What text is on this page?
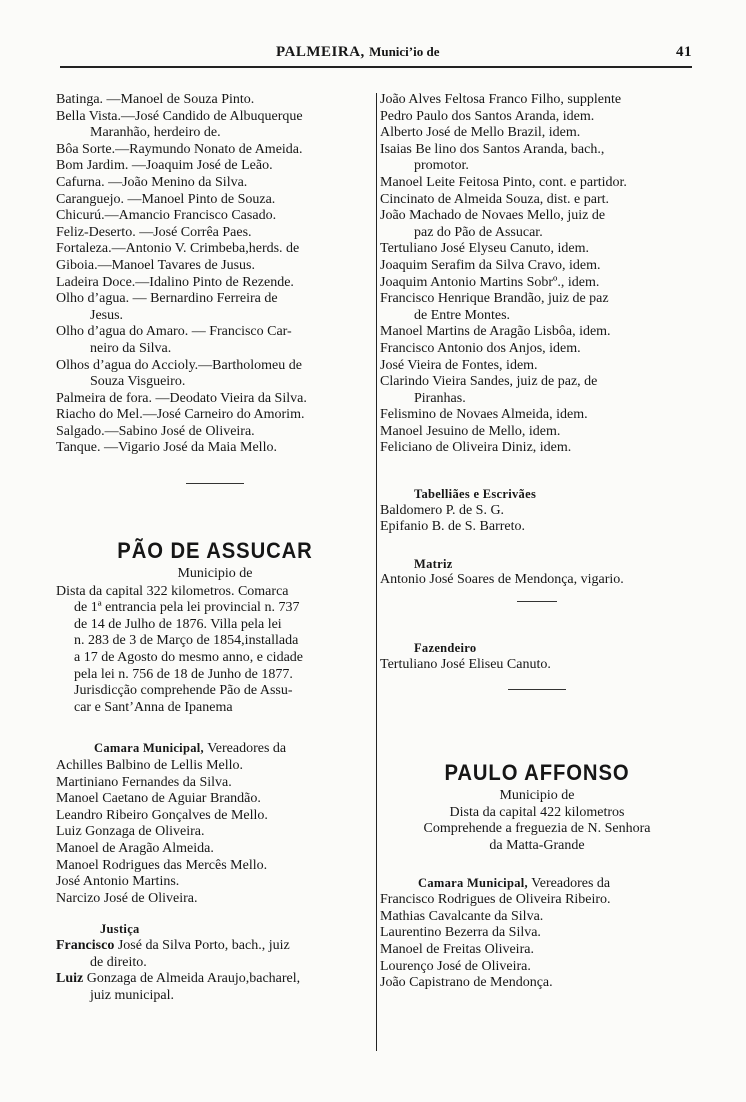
PALMEIRA, Munici’io de	41
Batinga. —Manoel de Souza Pinto.
Bella Vista.—José Candido de Albuquerque
Maranhão, herdeiro de.
Bôa Sorte.—Raymundo Nonato de Ameida.
Bom Jardim. —Joaquim José de Leão.
Cafurna. —João Menino da Silva.
Caranguejo. —Manoel Pinto de Souza.
Chicurú.—Amancio Francisco Casado.
Feliz-Deserto. —José Corrêa Paes.
Fortaleza.—Antonio V. Crimbeba,herds. de
Giboia.—Manoel Tavares de Jusus.
Ladeira Doce.—Idalino Pinto de Rezende.
Olho d’agua. — Bernardino Ferreira de
Jesus.
Olho d’agua do Amaro. — Francisco Car-
neiro da Silva.
Olhos d’agua do Accioly.—Bartholomeu de
Souza Visgueiro.
Palmeira de fora. —Deodato Vieira da Silva.
Riacho do Mel.—José Carneiro do Amorim.
Salgado.—Sabino José de Oliveira.
Tanque. —Vigario José da Maia Mello.
PÃO DE ASSUCAR
Municipio de
Dista da capital 322 kilometros. Comarca
de 1ª entrancia pela lei provincial n. 737
de 14 de Julho de 1876. Villa pela lei
n. 283 de 3 de Março de 1854,installada
a 17 de Agosto do mesmo anno, e cidade
pela lei n. 756 de 18 de Junho de 1877.
Jurisdicção comprehende Pão de Assu-
car e Sant’Anna de Ipanema
Camara Municipal, Vereadores da
Achilles Balbino de Lellis Mello.
Martiniano Fernandes da Silva.
Manoel Caetano de Aguiar Brandão.
Leandro Ribeiro Gonçalves de Mello.
Luiz Gonzaga de Oliveira.
Manoel de Aragão Almeida.
Manoel Rodrigues das Mercês Mello.
José Antonio Martins.
Narcizo José de Oliveira.
Justiça
Francisco José da Silva Porto, bach., juiz
de direito.
Luiz Gonzaga de Almeida Araujo,bacharel,
juiz municipal.
João Alves Feltosa Franco Filho, supplente
Pedro Paulo dos Santos Aranda, idem.
Alberto José de Mello Brazil, idem.
Isaias Be lino dos Santos Aranda, bach.,
promotor.
Manoel Leite Feitosa Pinto, cont. e partidor.
Cincinato de Almeida Souza, dist. e part.
João Machado de Novaes Mello, juiz de
paz do Pão de Assucar.
Tertuliano José Elyseu Canuto, idem.
Joaquim Serafim da Silva Cravo, idem.
Joaquim Antonio Martins Sobrº., idem.
Francisco Henrique Brandão, juiz de paz
de Entre Montes.
Manoel Martins de Aragão Lisbôa, idem.
Francisco Antonio dos Anjos, idem.
José Vieira de Fontes, idem.
Clarindo Vieira Sandes, juiz de paz, de
Piranhas.
Felismino de Novaes Almeida, idem.
Manoel Jesuino de Mello, idem.
Feliciano de Oliveira Diniz, idem.
Tabelliães e Escrivães
Baldomero P. de S. G.
Epifanio B. de S. Barreto.
Matriz
Antonio José Soares de Mendonça, vigario.
Fazendeiro
Tertuliano José Eliseu Canuto.
PAULO AFFONSO
Municipio de
Dista da capital 422 kilometros
Comprehende a freguezia de N. Senhora
da Matta-Grande
Camara Municipal, Vereadores da
Francisco Rodrigues de Oliveira Ribeiro.
Mathias Cavalcante da Silva.
Laurentino Bezerra da Silva.
Manoel de Freitas Oliveira.
Lourenço José de Oliveira.
João Capistrano de Mendonça.
